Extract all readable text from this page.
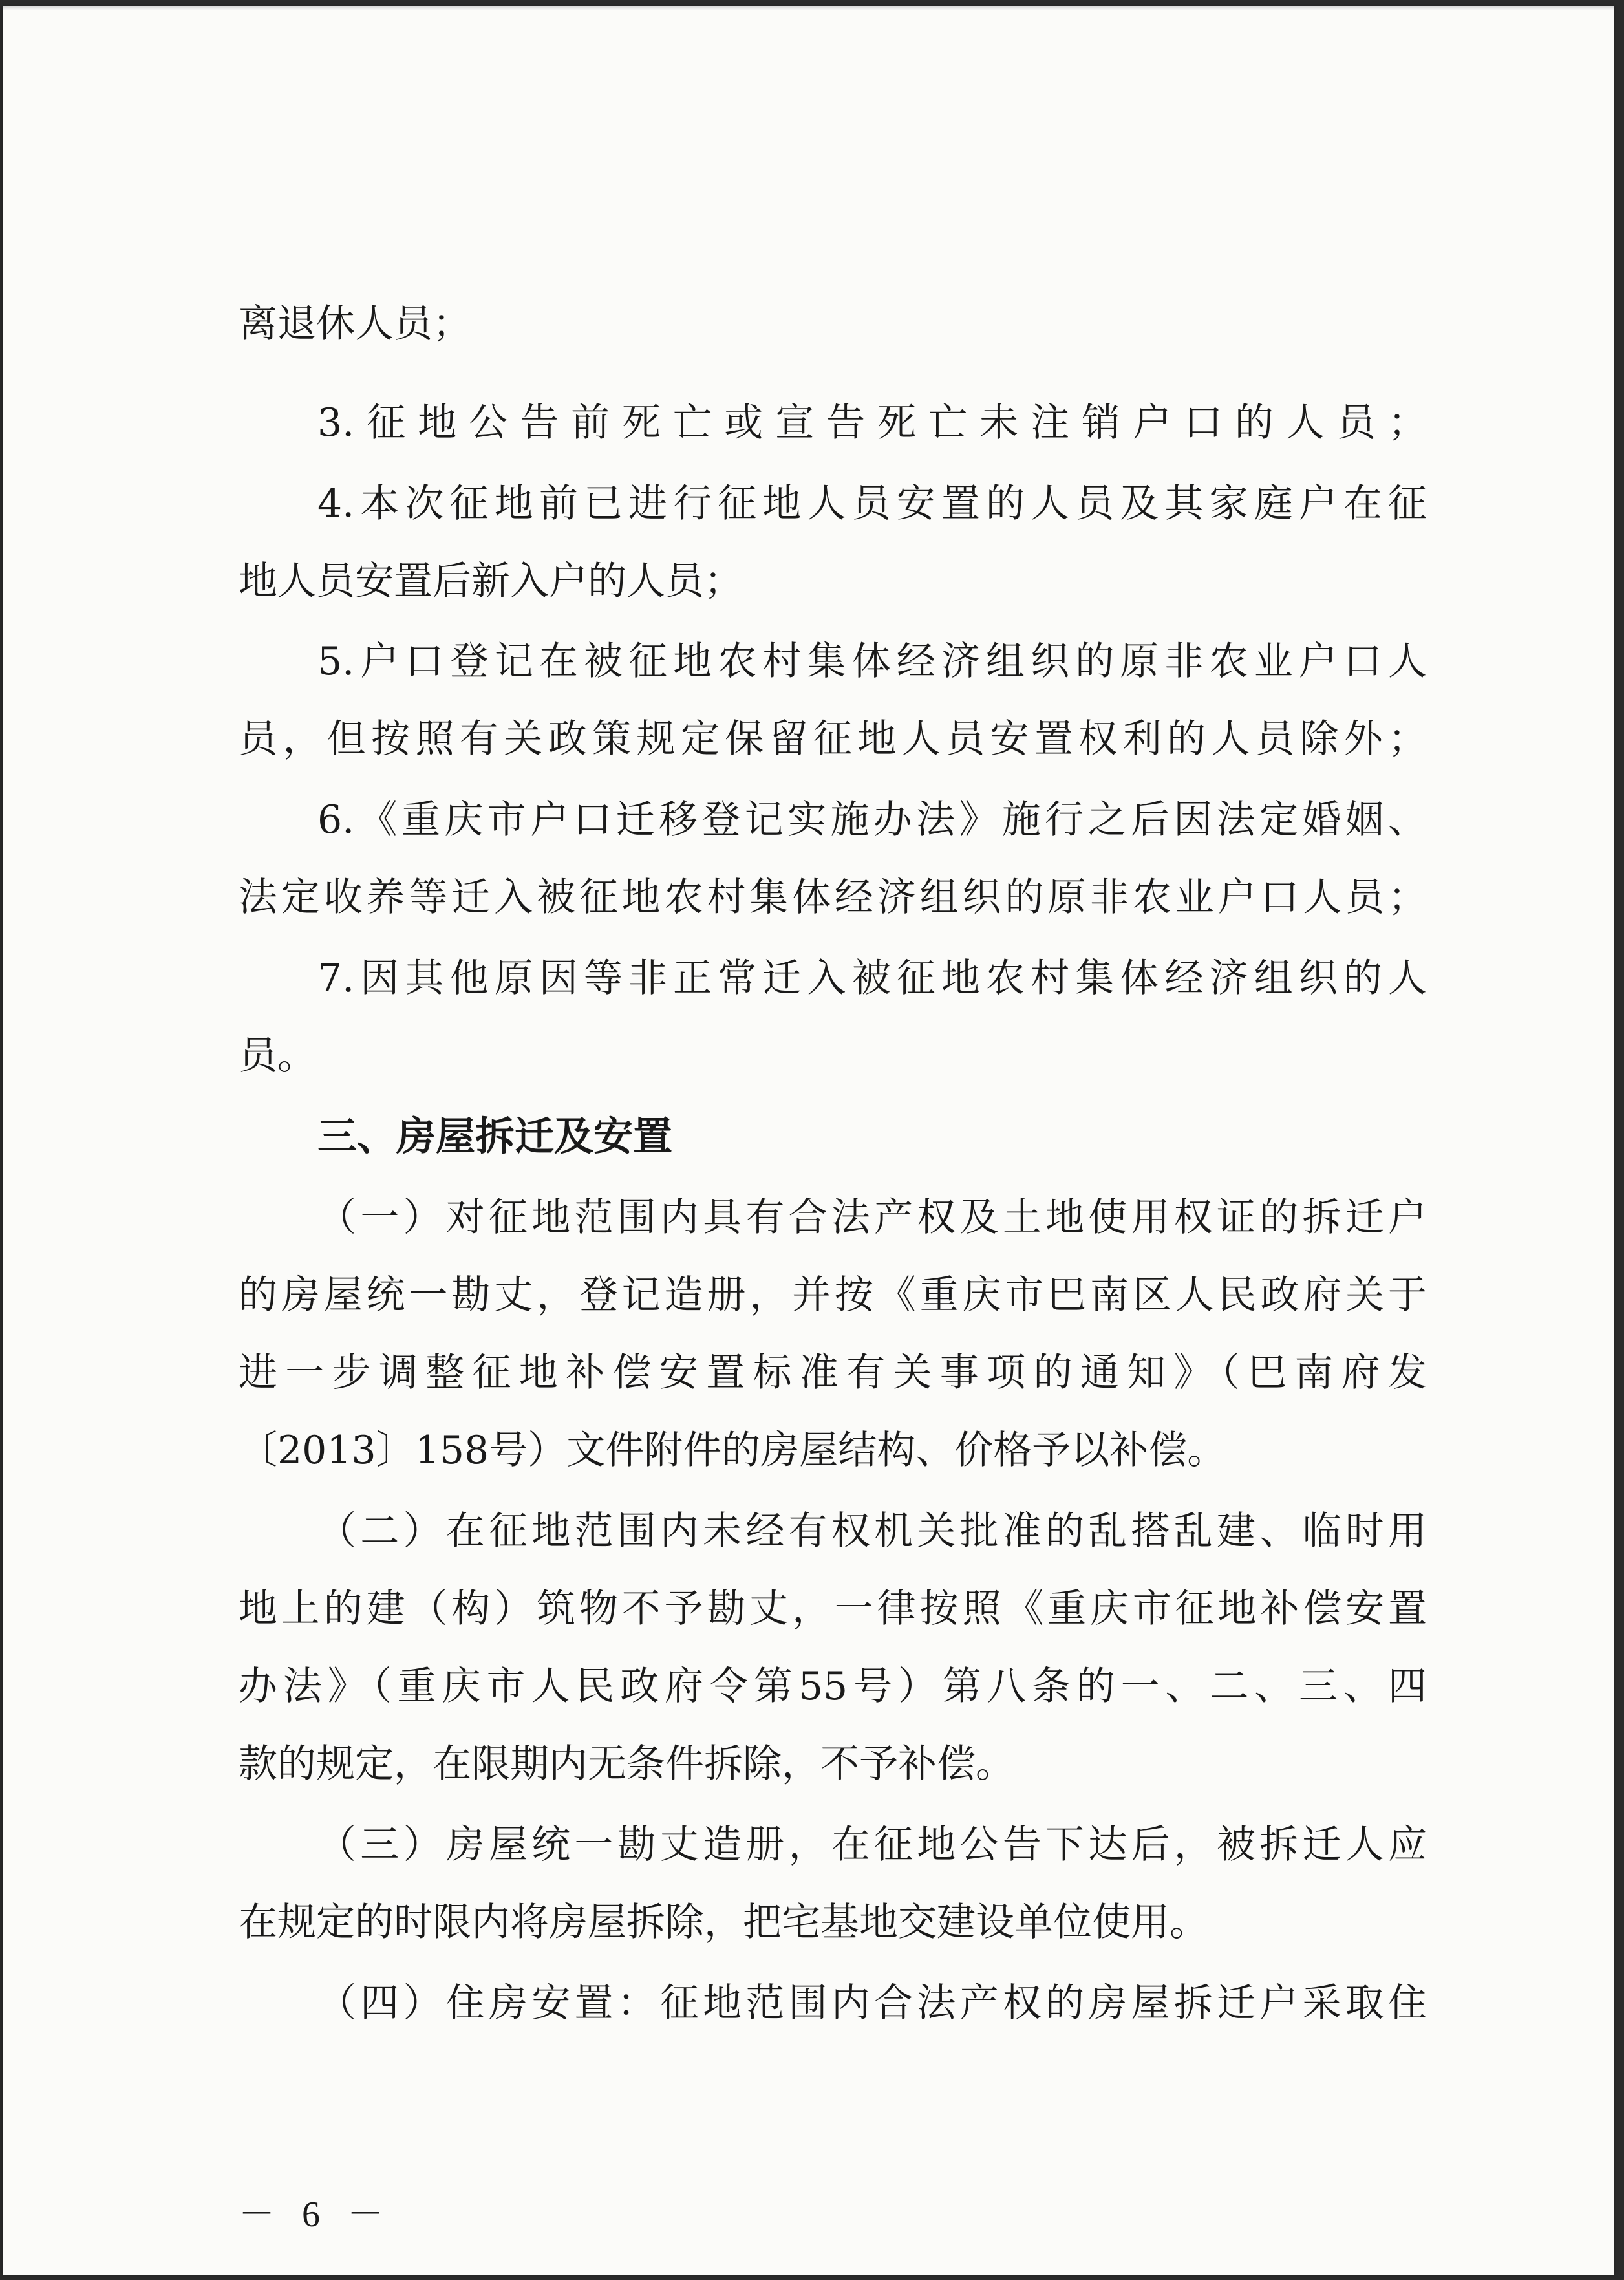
离退休人员；
3.征地公告前死亡或宣告死亡未注销户口的人员；
4.本次征地前已进行征地人员安置的人员及其家庭户在征
地人员安置后新入户的人员；
5.户口登记在被征地农村集体经济组织的原非农业户口人
员，但按照有关政策规定保留征地人员安置权利的人员除外；
6.《重庆市户口迁移登记实施办法》施行之后因法定婚姻、
法定收养等迁入被征地农村集体经济组织的原非农业户口人员；
7.因其他原因等非正常迁入被征地农村集体经济组织的人
员。
三、房屋拆迁及安置
（一）对征地范围内具有合法产权及土地使用权证的拆迁户
的房屋统一勘丈，登记造册，并按《重庆市巴南区人民政府关于
进一步调整征地补偿安置标准有关事项的通知》（巴南府发
〔2013〕158号）文件附件的房屋结构、价格予以补偿。
（二）在征地范围内未经有权机关批准的乱搭乱建、临时用
地上的建（构）筑物不予勘丈，一律按照《重庆市征地补偿安置
办法》（重庆市人民政府令第55号）第八条的一、二、三、四
款的规定，在限期内无条件拆除，不予补偿。
（三）房屋统一勘丈造册，在征地公告下达后，被拆迁人应
在规定的时限内将房屋拆除，把宅基地交建设单位使用。
（四）住房安置：征地范围内合法产权的房屋拆迁户采取住
－ 6 －
